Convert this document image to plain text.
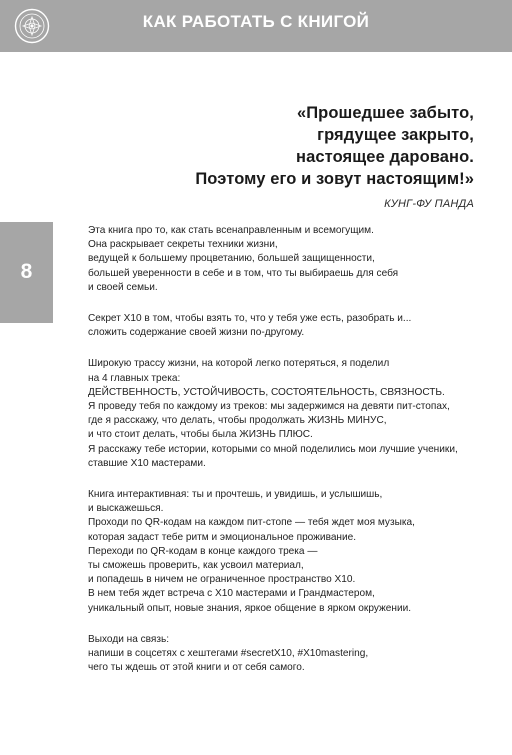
КАК РАБОТАТЬ С КНИГОЙ
8
«Прошедшее забыто,
грядущее закрыто,
настоящее даровано.
Поэтому его и зовут настоящим!»
КУНГ-ФУ ПАНДА
Эта книга про то, как стать всенаправленным и всемогущим.
Она раскрывает секреты техники жизни,
ведущей к большему процветанию, большей защищенности,
большей уверенности в себе и в том, что ты выбираешь для себя
и своей семьи.
Секрет X10 в том, чтобы взять то, что у тебя уже есть, разобрать и...
сложить содержание своей жизни по-другому.
Широкую трассу жизни, на которой легко потеряться, я поделил
на 4 главных трека:
ДЕЙСТВЕННОСТЬ, УСТОЙЧИВОСТЬ, СОСТОЯТЕЛЬНОСТЬ, СВЯЗНОСТЬ.
Я проведу тебя по каждому из треков: мы задержимся на девяти пит-стопах,
где я расскажу, что делать, чтобы продолжать ЖИЗНЬ МИНУС,
и что стоит делать, чтобы была ЖИЗНЬ ПЛЮС.
Я расскажу тебе истории, которыми со мной поделились мои лучшие ученики,
ставшие X10 мастерами.
Книга интерактивная: ты и прочтешь, и увидишь, и услышишь,
и выскажешься.
Проходи по QR-кодам на каждом пит-стопе — тебя ждет моя музыка,
которая задаст тебе ритм и эмоциональное проживание.
Переходи по QR-кодам в конце каждого трека —
ты сможешь проверить, как усвоил материал,
и попадешь в ничем не ограниченное пространство X10.
В нем тебя ждет встреча с X10 мастерами и Грандмастером,
уникальный опыт, новые знания, яркое общение в ярком окружении.
Выходи на связь:
напиши в соцсетях с хештегами #secretX10, #X10mastering,
чего ты ждешь от этой книги и от себя самого.
